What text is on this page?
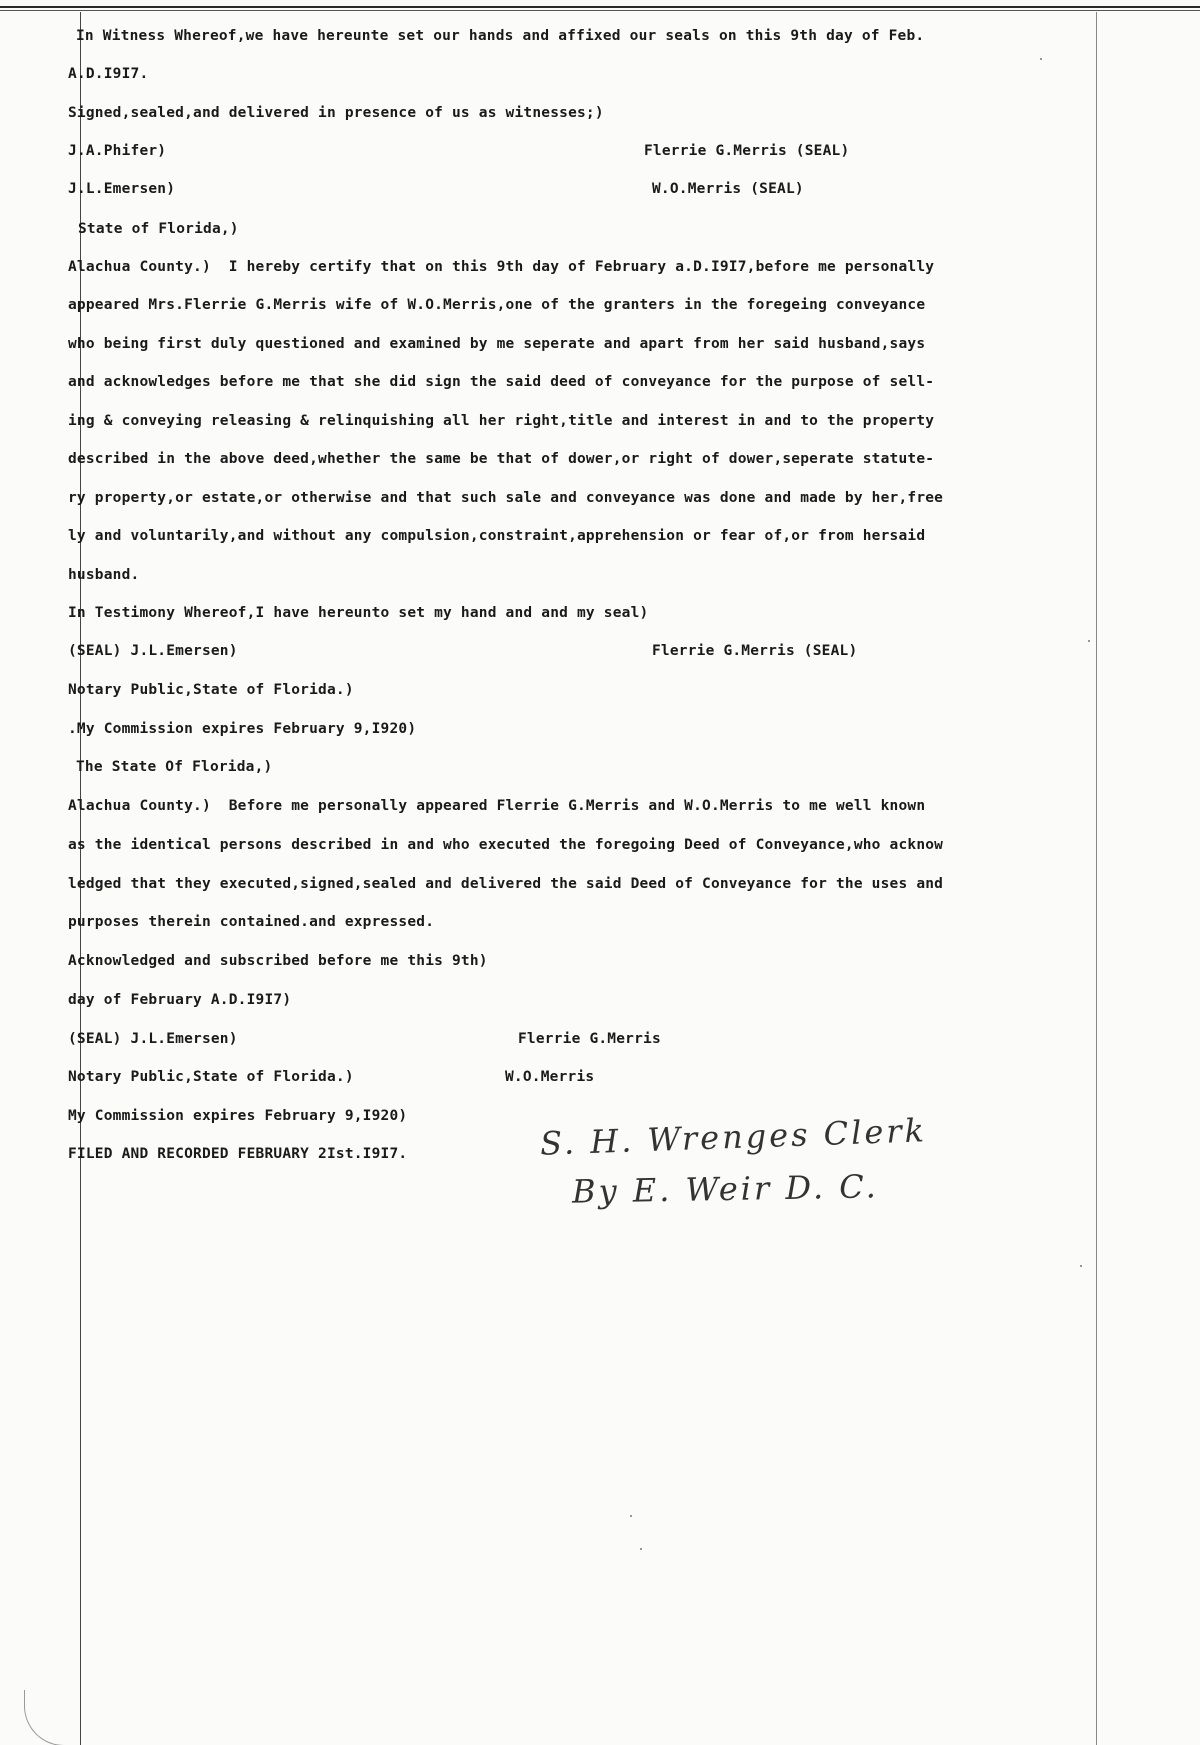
In Witness Whereof,we have hereunte set our hands and affixed our seals on this 9th day of Feb.
A.D.I9I7.
Signed,sealed,and delivered in presence of us as witnesses;)
J.A.Phifer)	Flerrie G.Merris (SEAL)
J.L.Emersen)	W.O.Merris (SEAL)
State of Florida,)
Alachua County.)  I hereby certify that on this 9th day of February a.D.I9I7,before me personally
appeared Mrs.Flerrie G.Merris wife of W.O.Merris,one of the granters in the foregeing conveyance
who being first duly questioned and examined by me seperate and apart from her said husband,says
and acknowledges before me that she did sign the said deed of conveyance for the purpose of sell-
ing & conveying releasing & relinquishing all her right,title and interest in and to the property
described in the above deed,whether the same be that of dower,or right of dower,seperate statute-
ry property,or estate,or otherwise and that such sale and conveyance was done and made by her,free
ly and voluntarily,and without any compulsion,constraint,apprehension or fear of,or from hersaid
husband.
In Testimony Whereof,I have hereunto set my hand and and my seal)
(SEAL) J.L.Emersen)	Flerrie G.Merris (SEAL)
Notary Public,State of Florida.)
.My Commission expires February 9,I920)
The State Of Florida,)
Alachua County.)  Before me personally appeared Flerrie G.Merris and W.O.Merris to me well known
as the identical persons described in and who executed the foregoing Deed of Conveyance,who acknow
ledged that they executed,signed,sealed and delivered the said Deed of Conveyance for the uses and
purposes therein contained.and expressed.
Acknowledged and subscribed before me this 9th)
day of February A.D.I9I7)
(SEAL) J.L.Emersen)	Flerrie G.Merris
Notary Public,State of Florida.)	W.O.Merris
My Commission expires February 9,I920)
FILED AND RECORDED FEBRUARY 2Ist.I9I7.	S. H. Wrenges Clerk
By E. Weir D. C.
